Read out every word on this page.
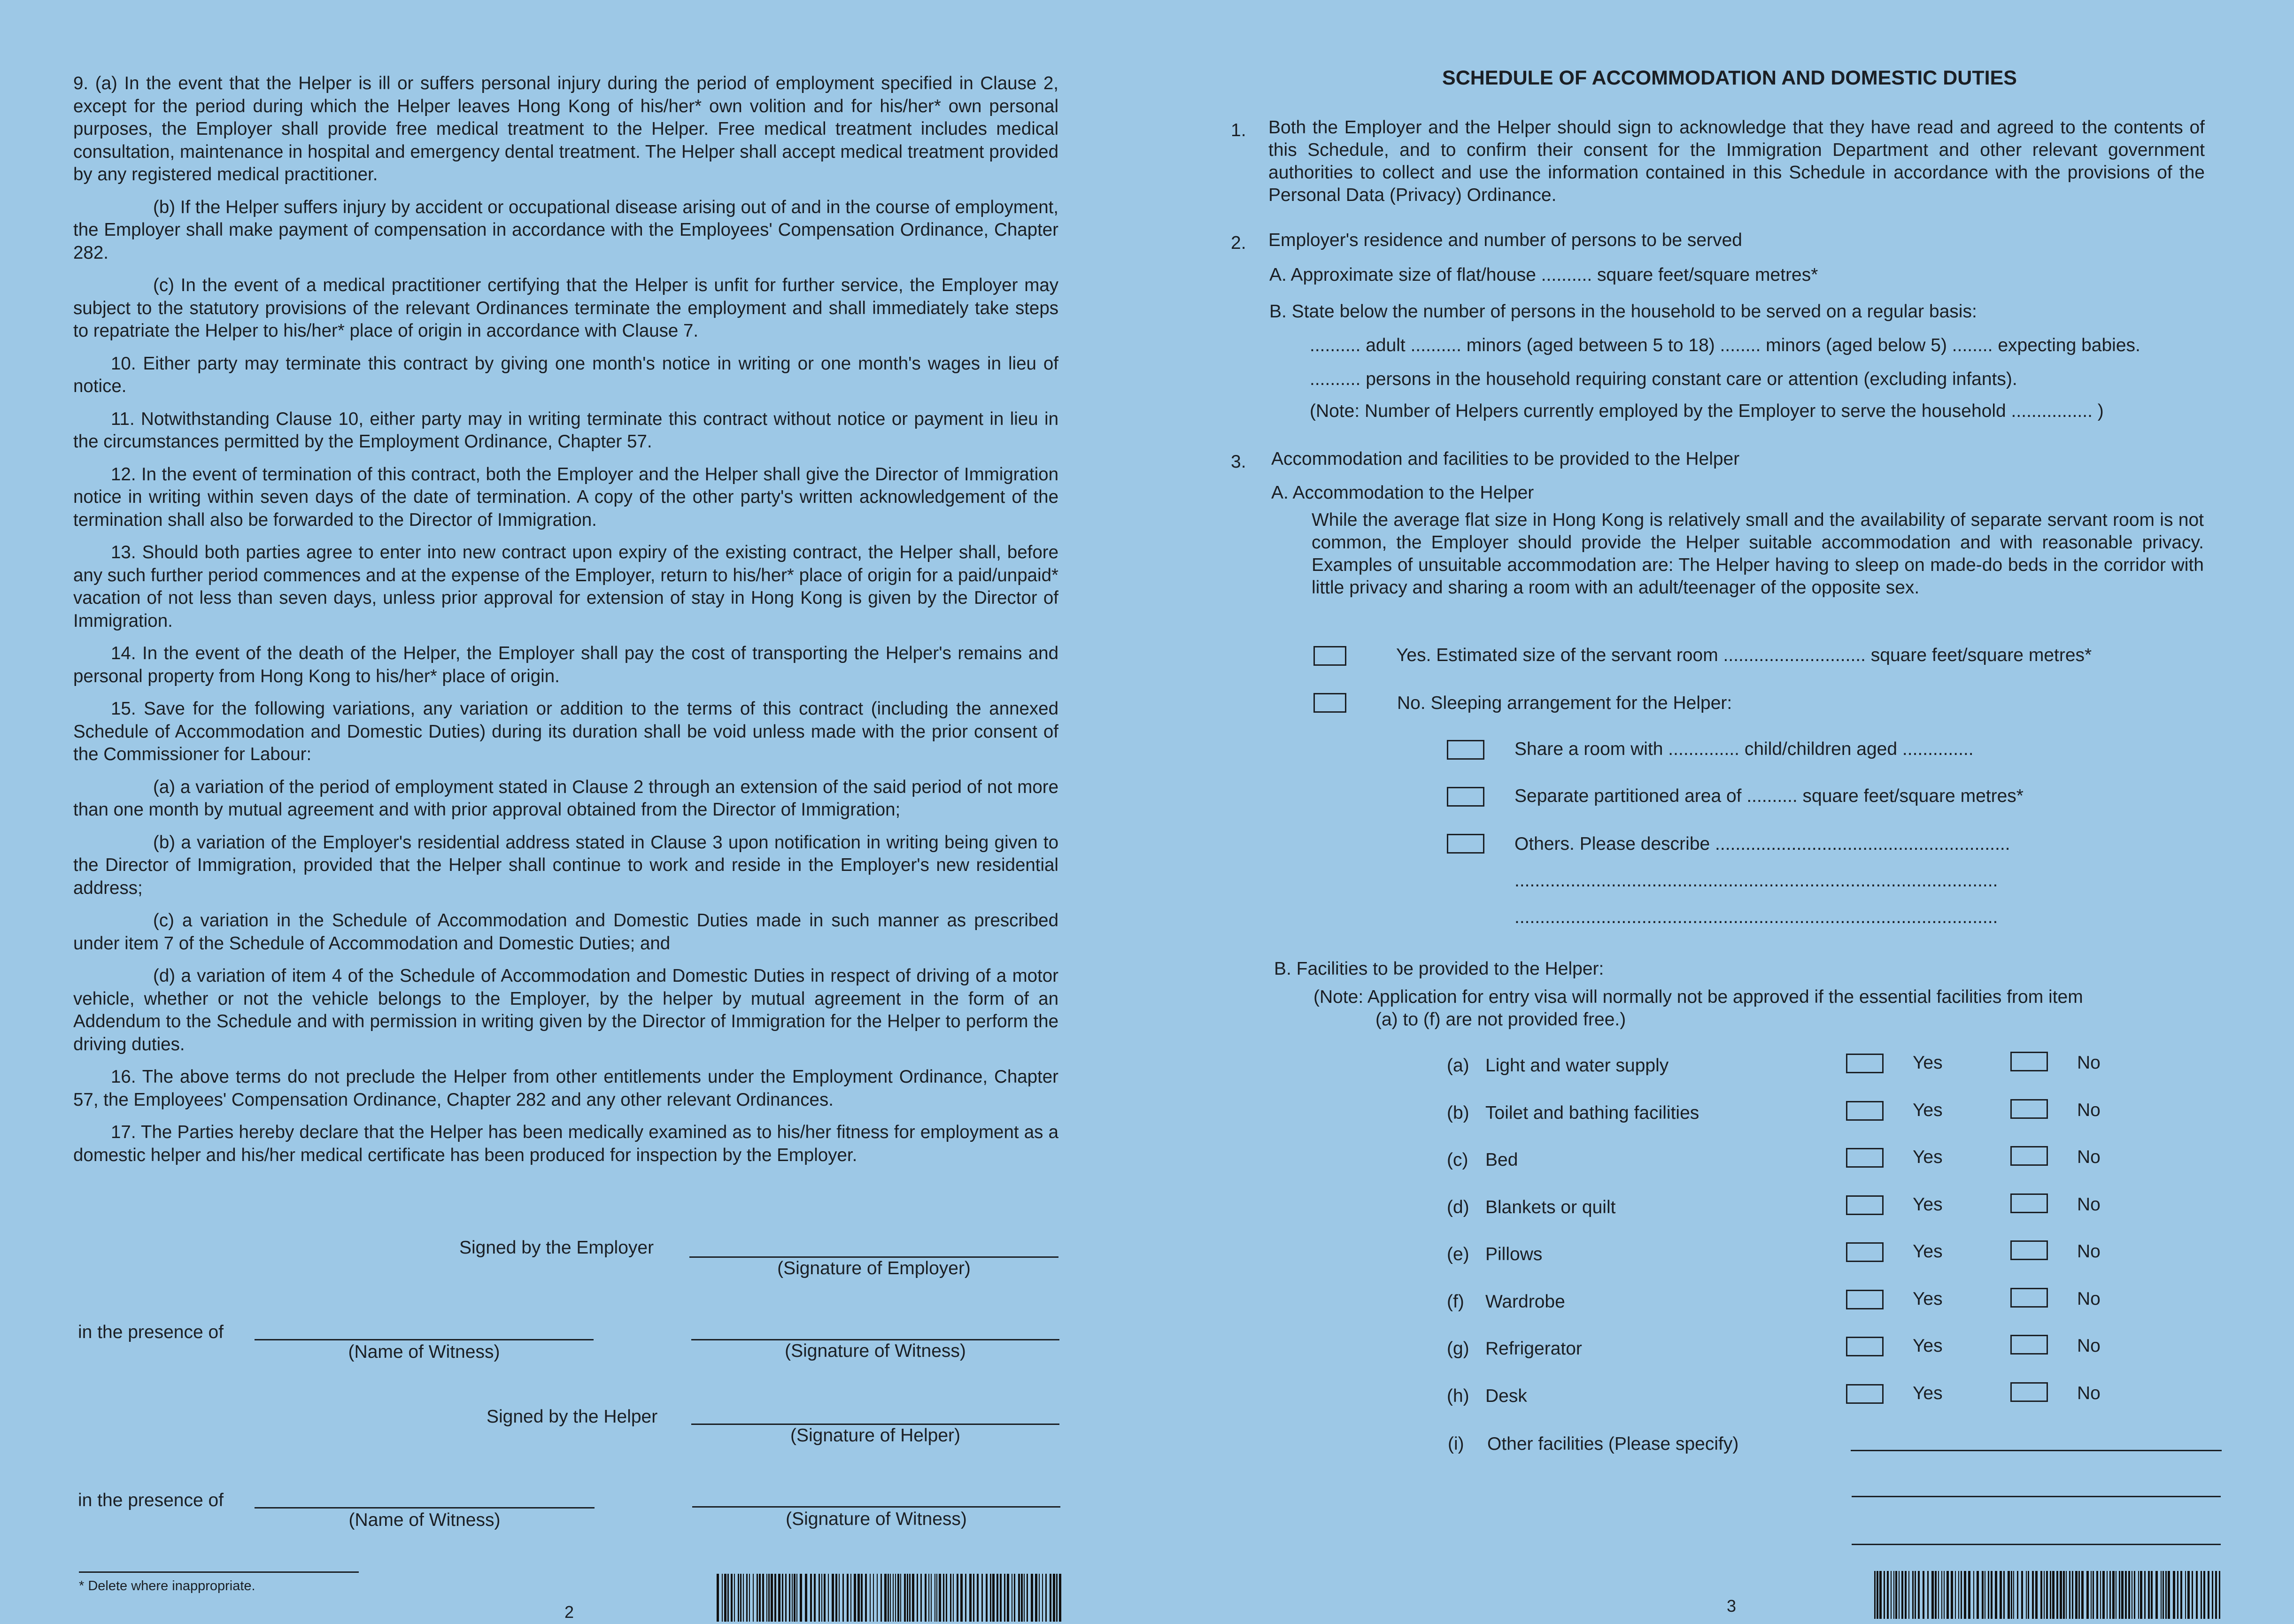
9. (a) In the event that the Helper is ill or suffers personal injury during the period of employment specified in Clause 2, except for the period during which the Helper leaves Hong Kong of his/her* own volition and for his/her* own personal purposes, the Employer shall provide free medical treatment to the Helper. Free medical treatment includes medical consultation, maintenance in hospital and emergency dental treatment. The Helper shall accept medical treatment provided by any registered medical practitioner.

(b) If the Helper suffers injury by accident or occupational disease arising out of and in the course of employment, the Employer shall make payment of compensation in accordance with the Employees' Compensation Ordinance, Chapter 282.

(c) In the event of a medical practitioner certifying that the Helper is unfit for further service, the Employer may subject to the statutory provisions of the relevant Ordinances terminate the employment and shall immediately take steps to repatriate the Helper to his/her* place of origin in accordance with Clause 7.

10. Either party may terminate this contract by giving one month's notice in writing or one month's wages in lieu of notice.

11. Notwithstanding Clause 10, either party may in writing terminate this contract without notice or payment in lieu in the circumstances permitted by the Employment Ordinance, Chapter 57.

12. In the event of termination of this contract, both the Employer and the Helper shall give the Director of Immigration notice in writing within seven days of the date of termination. A copy of the other party's written acknowledgement of the termination shall also be forwarded to the Director of Immigration.

13. Should both parties agree to enter into new contract upon expiry of the existing contract, the Helper shall, before any such further period commences and at the expense of the Employer, return to his/her* place of origin for a paid/unpaid* vacation of not less than seven days, unless prior approval for extension of stay in Hong Kong is given by the Director of Immigration.

14. In the event of the death of the Helper, the Employer shall pay the cost of transporting the Helper's remains and personal property from Hong Kong to his/her* place of origin.

15. Save for the following variations, any variation or addition to the terms of this contract (including the annexed Schedule of Accommodation and Domestic Duties) during its duration shall be void unless made with the prior consent of the Commissioner for Labour:

(a) a variation of the period of employment stated in Clause 2 through an extension of the said period of not more than one month by mutual agreement and with prior approval obtained from the Director of Immigration;

(b) a variation of the Employer's residential address stated in Clause 3 upon notification in writing being given to the Director of Immigration, provided that the Helper shall continue to work and reside in the Employer's new residential address;

(c) a variation in the Schedule of Accommodation and Domestic Duties made in such manner as prescribed under item 7 of the Schedule of Accommodation and Domestic Duties; and

(d) a variation of item 4 of the Schedule of Accommodation and Domestic Duties in respect of driving of a motor vehicle, whether or not the vehicle belongs to the Employer, by the helper by mutual agreement in the form of an Addendum to the Schedule and with permission in writing given by the Director of Immigration for the Helper to perform the driving duties.

16. The above terms do not preclude the Helper from other entitlements under the Employment Ordinance, Chapter 57, the Employees' Compensation Ordinance, Chapter 282 and any other relevant Ordinances.

17. The Parties hereby declare that the Helper has been medically examined as to his/her fitness for employment as a domestic helper and his/her medical certificate has been produced for inspection by the Employer.

Signed by the Employer
(Signature of Employer)
in the presence of
(Name of Witness)	(Signature of Witness)
Signed by the Helper
(Signature of Helper)
in the presence of
(Name of Witness)	(Signature of Witness)
* Delete where inappropriate.
2
SCHEDULE OF ACCOMMODATION AND DOMESTIC DUTIES
1. Both the Employer and the Helper should sign to acknowledge that they have read and agreed to the contents of this Schedule, and to confirm their consent for the Immigration Department and other relevant government authorities to collect and use the information contained in this Schedule in accordance with the provisions of the Personal Data (Privacy) Ordinance.
2. Employer's residence and number of persons to be served
A. Approximate size of flat/house .......... square feet/square metres*
B. State below the number of persons in the household to be served on a regular basis:
.......... adult .......... minors (aged between 5 to 18) ........ minors (aged below 5) ........ expecting babies.
.......... persons in the household requiring constant care or attention (excluding infants).
(Note: Number of Helpers currently employed by the Employer to serve the household ................ )
3. Accommodation and facilities to be provided to the Helper
A. Accommodation to the Helper
While the average flat size in Hong Kong is relatively small and the availability of separate servant room is not common, the Employer should provide the Helper suitable accommodation and with reasonable privacy. Examples of unsuitable accommodation are: The Helper having to sleep on made-do beds in the corridor with little privacy and sharing a room with an adult/teenager of the opposite sex.
Yes. Estimated size of the servant room ............................ square feet/square metres*
No. Sleeping arrangement for the Helper:
Share a room with .............. child/children aged ..............
Separate partitioned area of .......... square feet/square metres*
Others. Please describe ..........................................................
...............................................................................................
...............................................................................................
B. Facilities to be provided to the Helper:
(Note: Application for entry visa will normally not be approved if the essential facilities from item
(a) to (f) are not provided free.)
(a) Light and water supply	Yes	No
(b) Toilet and bathing facilities	Yes	No
(c) Bed	Yes	No
(d) Blankets or quilt	Yes	No
(e) Pillows	Yes	No
(f) Wardrobe	Yes	No
(g) Refrigerator	Yes	No
(h) Desk	Yes	No
(i) Other facilities (Please specify)
3
